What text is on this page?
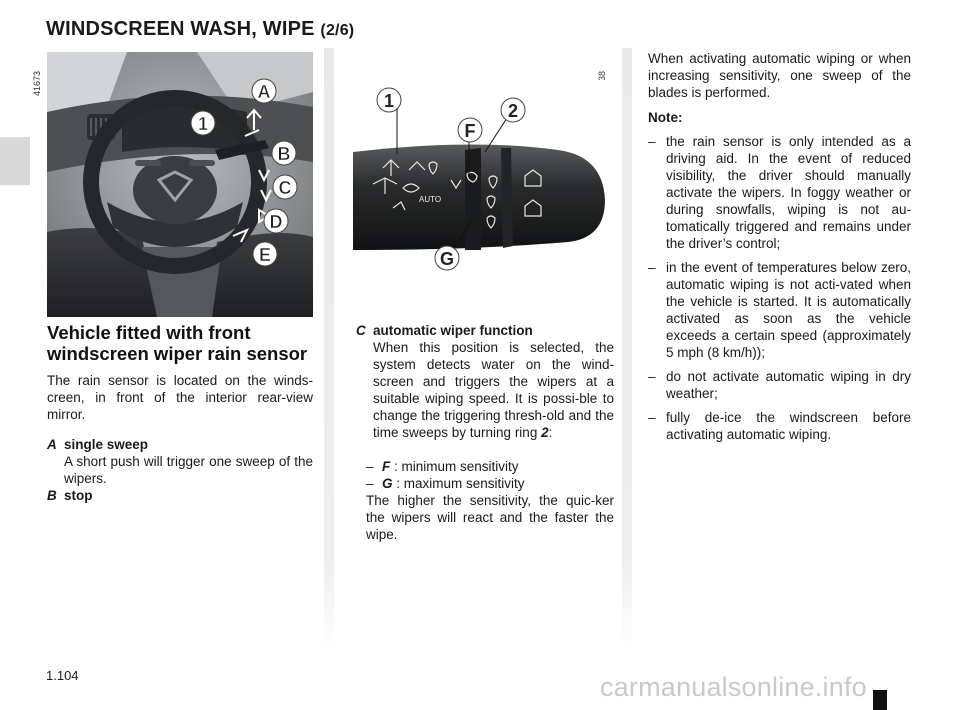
WINDSCREEN WASH, WIPE (2/6)
41673	A
1
B
C
D
E
AUTO
1	2
F
G
Vehicle fitted with front windscreen wiper rain sensor

The rain sensor is located on the winds-creen, in front of the interior rear-view mirror.

A single sweep
A short push will trigger one sweep of the wipers.
B stop
C automatic wiper function
When this position is selected, the system detects water on the wind-screen and triggers the wipers at a suitable wiping speed. It is possi-ble to change the triggering thresh-old and the time sweeps by turning ring 2:
– F : minimum sensitivity
– G : maximum sensitivity

The higher the sensitivity, the quic-ker the wipers will react and the faster the wipe.

When activating automatic wiping or when increasing sensitivity, one sweep of the blades is performed.

Note:
– the rain sensor is only intended as a driving aid. In the event of reduced visibility, the driver should manually activate the wipers. In foggy weather or during snowfalls, wiping is not au-tomatically triggered and remains under the driver’s control;
– in the event of temperatures below zero, automatic wiping is not acti-vated when the vehicle is started. It is automatically activated as soon as the vehicle exceeds a certain speed (approximately 5 mph (8 km/h));
– do not activate automatic wiping in dry weather;
– fully de-ice the windscreen before activating automatic wiping.
1.104	carmanualsonline.info
